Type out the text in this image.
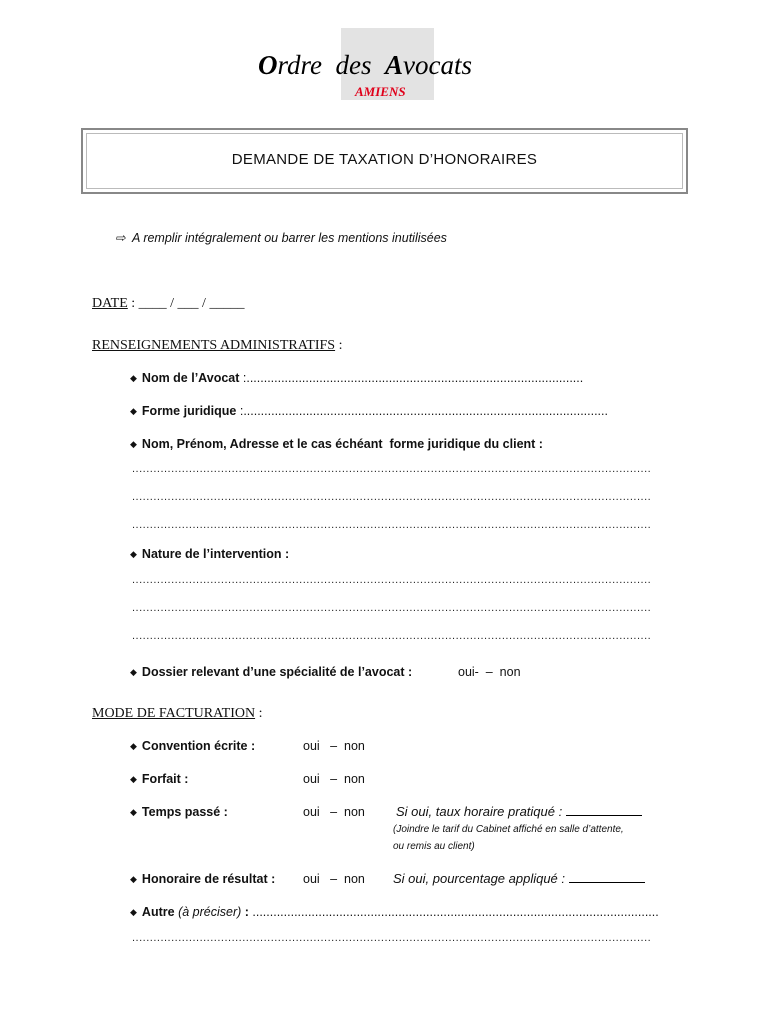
Ordre des Avocats
AMIENS
DEMANDE DE TAXATION D’HONORAIRES
⇨ A remplir intégralement ou barrer les mentions inutilisées
DATE : ____ / ___ / _____
RENSEIGNEMENTS ADMINISTRATIFS :
◆ Nom de l’Avocat :.................................................................................................
◆ Forme juridique :.........................................................................................................
◆ Nom, Prénom, Adresse et le cas échéant  forme juridique du client :
..................................................................................................................................................
..................................................................................................................................................
..................................................................................................................................................
◆ Nature de l’intervention :
..................................................................................................................................................
..................................................................................................................................................
..................................................................................................................................................
◆ Dossier relevant d’une spécialité de l’avocat :	oui-  –  non
MODE DE FACTURATION :
◆ Convention écrite :	oui   –  non
◆ Forfait :	oui   –  non
◆ Temps passé :	oui   –  non Si oui, taux horaire pratiqué :
(Joindre le tarif du Cabinet affiché en salle d’attente,
ou remis au client)
◆ Honoraire de résultat : oui   –  non Si oui, pourcentage appliqué :
◆ Autre (à préciser) : .....................................................................................................................
..................................................................................................................................................
